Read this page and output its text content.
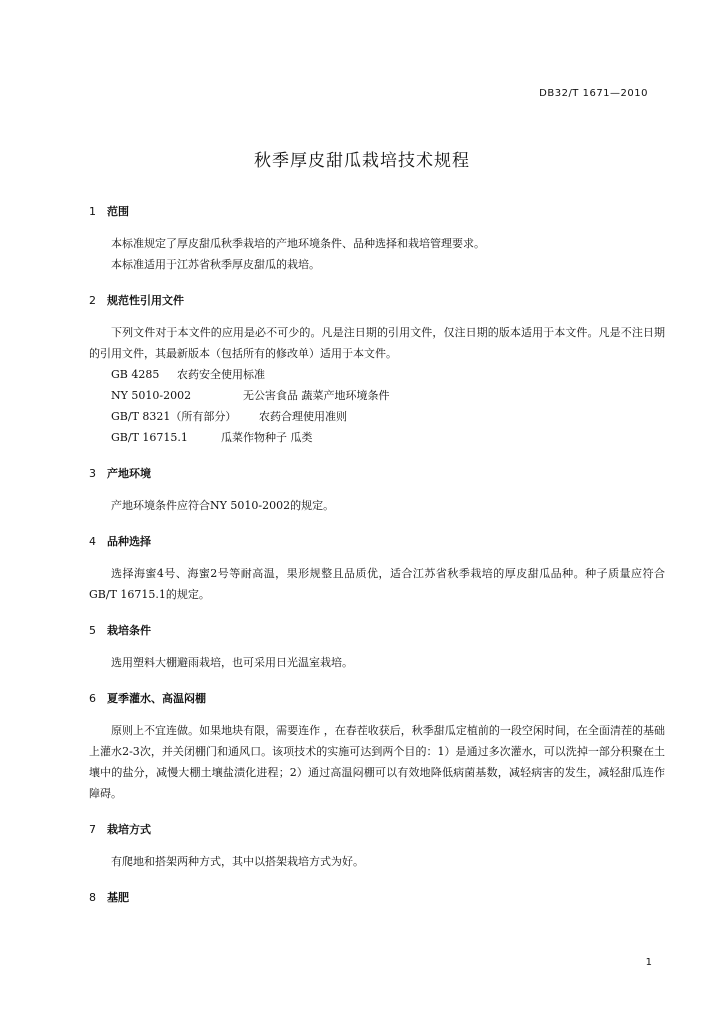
DB32/T 1671—2010
秋季厚皮甜瓜栽培技术规程
1	范围

本标准规定了厚皮甜瓜秋季栽培的产地环境条件、品种选择和栽培管理要求。

本标准适用于江苏省秋季厚皮甜瓜的栽培。

2	规范性引用文件

下列文件对于本文件的应用是必不可少的。凡是注日期的引用文件，仅注日期的版本适用于本文件。凡是不注日期的引用文件，其最新版本（包括所有的修改单）适用于本文件。

GB 4285	农药安全使用标准
NY 5010-2002	无公害食品 蔬菜产地环境条件
GB/T 8321（所有部分）	农药合理使用准则
GB/T 16715.1	瓜菜作物种子 瓜类
3	产地环境

产地环境条件应符合NY 5010-2002的规定。

4	品种选择

选择海蜜4号、海蜜2号等耐高温，果形规整且品质优，适合江苏省秋季栽培的厚皮甜瓜品种。种子质量应符合GB/T 16715.1的规定。

5	栽培条件

选用塑料大棚避雨栽培，也可采用日光温室栽培。

6	夏季灌水、高温闷棚

原则上不宜连做。如果地块有限，需要连作 ，在春茬收获后，秋季甜瓜定植前的一段空闲时间，在全面清茬的基础上灌水2-3次，并关闭棚门和通风口。该项技术的实施可达到两个目的：1）是通过多次灌水，可以洗掉一部分积聚在土壤中的盐分，减慢大棚土壤盐渍化进程；2）通过高温闷棚可以有效地降低病菌基数，减轻病害的发生，减轻甜瓜连作障碍。

7	栽培方式

有爬地和搭架两种方式，其中以搭架栽培方式为好。

8	基肥
1
